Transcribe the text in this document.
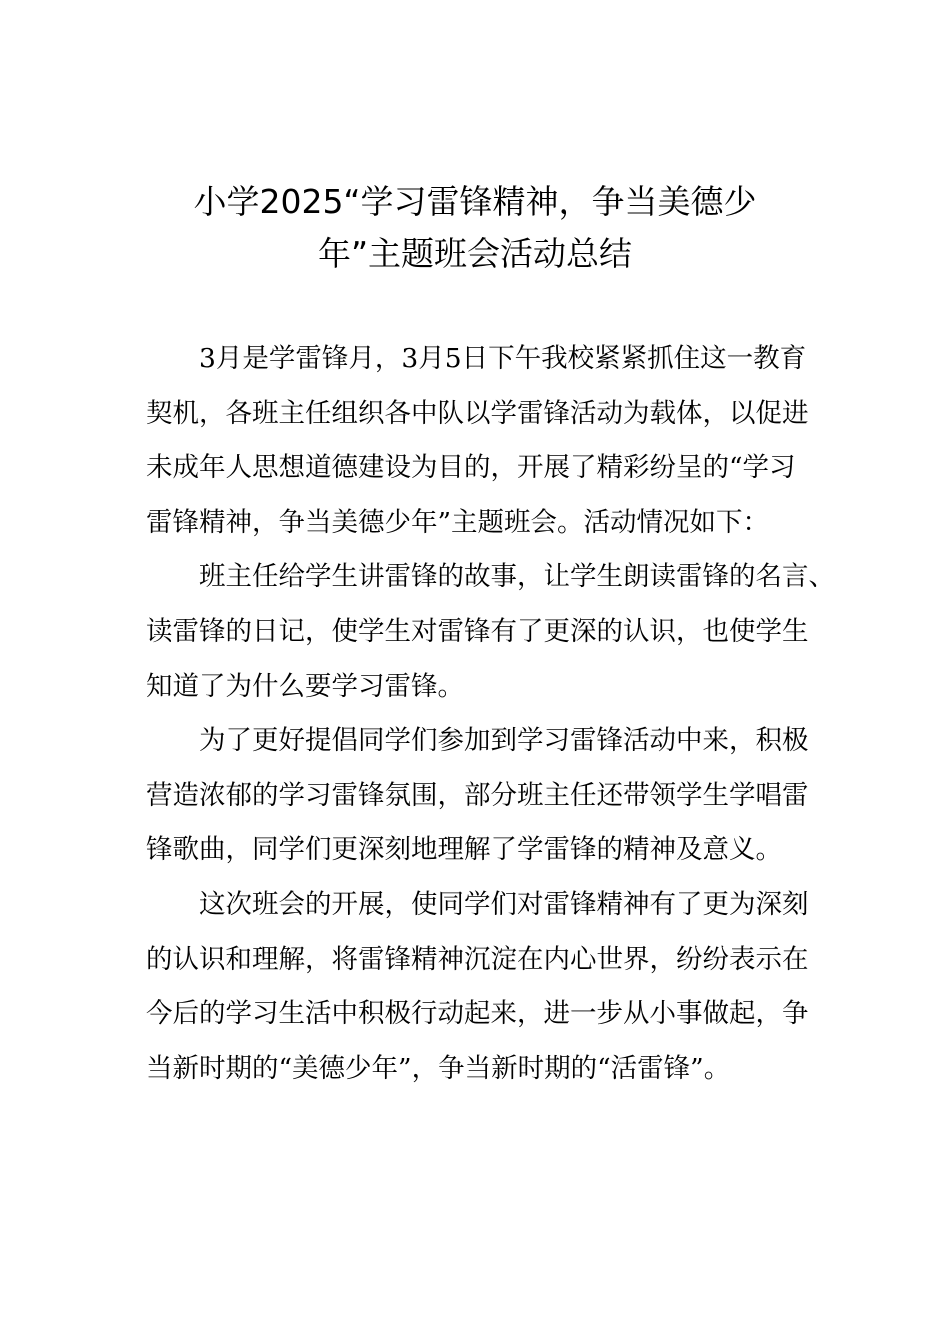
小学2025“学习雷锋精神，争当美德少
年”主题班会活动总结
3月是学雷锋月，3月5日下午我校紧紧抓住这一教育
契机，各班主任组织各中队以学雷锋活动为载体，以促进
未成年人思想道德建设为目的，开展了精彩纷呈的“学习
雷锋精神，争当美德少年”主题班会。活动情况如下：
班主任给学生讲雷锋的故事，让学生朗读雷锋的名言、
读雷锋的日记，使学生对雷锋有了更深的认识，也使学生
知道了为什么要学习雷锋。
为了更好提倡同学们参加到学习雷锋活动中来，积极
营造浓郁的学习雷锋氛围，部分班主任还带领学生学唱雷
锋歌曲，同学们更深刻地理解了学雷锋的精神及意义。
这次班会的开展，使同学们对雷锋精神有了更为深刻
的认识和理解，将雷锋精神沉淀在内心世界，纷纷表示在
今后的学习生活中积极行动起来，进一步从小事做起，争
当新时期的“美德少年”，争当新时期的“活雷锋”。
